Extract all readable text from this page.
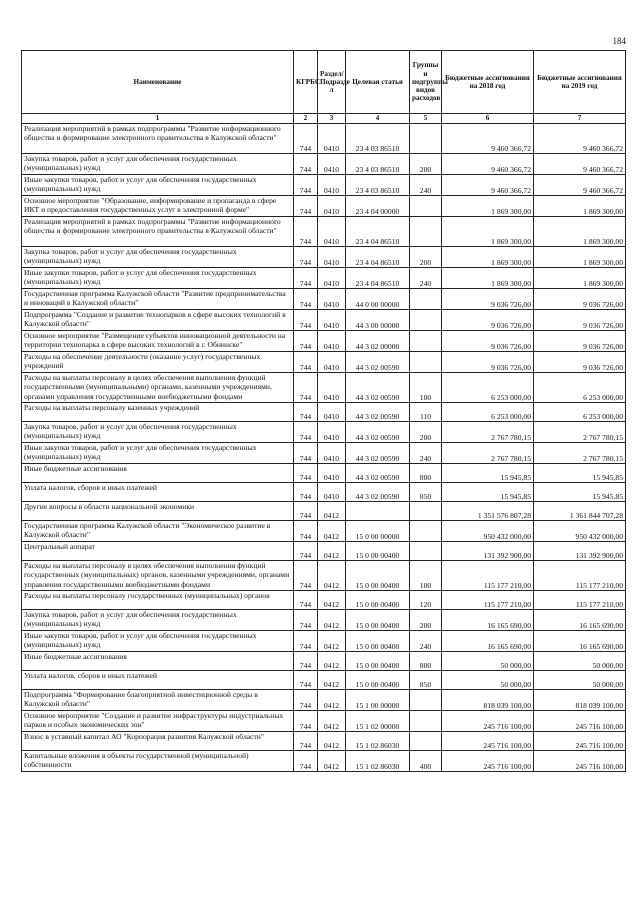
184
Наименование	КГРБС	Раздел/ Подразде л	Целевая статья	Группы и подгруппы видов расходов	Бюджетные ассигнования на 2018 год	Бюджетные ассигнования на 2019 год
1	2	3	4	5	6	7
Реализация мероприятий в рамках подпрограммы "Развитие информационного общества и формирование электронного правительства в Калужской области"	744	0410	23 4 03 86510		9 460 366,72	9 460 366,72
Закупка товаров, работ и услуг для обеспечения государственных (муниципальных) нужд	744	0410	23 4 03 86510	200	9 460 366,72	9 460 366,72
Иные закупки товаров, работ и услуг для обеспечения государственных (муниципальных) нужд	744	0410	23 4 03 86510	240	9 460 366,72	9 460 366,72
Основное мероприятие "Образование, информирование и пропаганда в сфере ИКТ и предоставления государственных услуг в электронной форме"	744	0410	23 4 04 00000		1 869 300,00	1 869 300,00
Реализация мероприятий в рамках подпрограммы "Развитие информационного общества и формирование электронного правительства в Калужской области"	744	0410	23 4 04 86510		1 869 300,00	1 869 300,00
Закупка товаров, работ и услуг для обеспечения государственных (муниципальных) нужд	744	0410	23 4 04 86510	200	1 869 300,00	1 869 300,00
Иные закупки товаров, работ и услуг для обеспечения государственных (муниципальных) нужд	744	0410	23 4 04 86510	240	1 869 300,00	1 869 300,00
Государственная программа Калужской области "Развитие предпринимательства и инноваций в Калужской области"	744	0410	44 0 00 00000		9 036 726,00	9 036 726,00
Подпрограмма "Создание и развитие технопарков в сфере высоких технологий в Калужской области"	744	0410	44 3 00 00000		9 036 726,00	9 036 726,00
Основное мероприятие "Размещение субъектов инновационной деятельности на территории технопарка в сфере высоких технологий в г. Обнинске"	744	0410	44 3 02 00000		9 036 726,00	9 036 726,00
Расходы на обеспечение деятельности (оказание услуг) государственных учреждений	744	0410	44 3 02 00590		9 036 726,00	9 036 726,00
Расходы на выплаты персоналу в целях обеспечения выполнения функций государственными (муниципальными) органами, казенными учреждениями, органами управления государственными внебюджетными фондами	744	0410	44 3 02 00590	100	6 253 000,00	6 253 000,00
Расходы на выплаты персоналу казенных учреждений	744	0410	44 3 02 00590	110	6 253 000,00	6 253 000,00
Закупка товаров, работ и услуг для обеспечения государственных (муниципальных) нужд	744	0410	44 3 02 00590	200	2 767 780,15	2 767 780,15
Иные закупки товаров, работ и услуг для обеспечения государственных (муниципальных) нужд	744	0410	44 3 02 00590	240	2 767 780,15	2 767 780,15
Иные бюджетные ассигнования	744	0410	44 3 02 00590	800	15 945,85	15 945,85
Уплата налогов, сборов и иных платежей	744	0410	44 3 02 00590	850	15 945,85	15 945,85
Другие вопросы в области национальной экономики	744	0412			1 351 576 807,28	1 361 844 707,28
Государственная программа Калужской области "Экономическое развитие в Калужской области"	744	0412	15 0 00 00000		950 432 000,00	950 432 000,00
Центральный аппарат	744	0412	15 0 00 00400		131 392 900,00	131 392 900,00
Расходы на выплаты персоналу в целях обеспечения выполнения функций государственных (муниципальных) органов, казенными учреждениями, органами управления государственными внебюджетными фондами	744	0412	15 0 00 00400	100	115 177 210,00	115 177 210,00
Расходы на выплаты персоналу государственных (муниципальных) органов	744	0412	15 0 00 00400	120	115 177 210,00	115 177 210,00
Закупка товаров, работ и услуг для обеспечения государственных (муниципальных) нужд	744	0412	15 0 00 00400	200	16 165 690,00	16 165 690,00
Иные закупки товаров, работ и услуг для обеспечения государственных (муниципальных) нужд	744	0412	15 0 00 00400	240	16 165 690,00	16 165 690,00
Иные бюджетные ассигнования	744	0412	15 0 00 00400	800	50 000,00	50 000,00
Уплата налогов, сборов и иных платежей	744	0412	15 0 00 00400	850	50 000,00	50 000,00
Подпрограмма "Формирование благоприятной инвестиционной среды в Калужской области"	744	0412	15 1 00 00000		818 039 100,00	818 039 100,00
Основное мероприятие "Создание и развитие инфраструктуры индустриальных парков и особых экономических зон"	744	0412	15 1 02 00000		245 716 100,00	245 716 100,00
Взнос в уставный капитал АО "Корпорация развития Калужской области"	744	0412	15 1 02 86030		245 716 100,00	245 716 100,00
Капитальные вложения в объекты государственной (муниципальной) собственности	744	0412	15 1 02 86030	400	245 716 100,00	245 716 100,00
